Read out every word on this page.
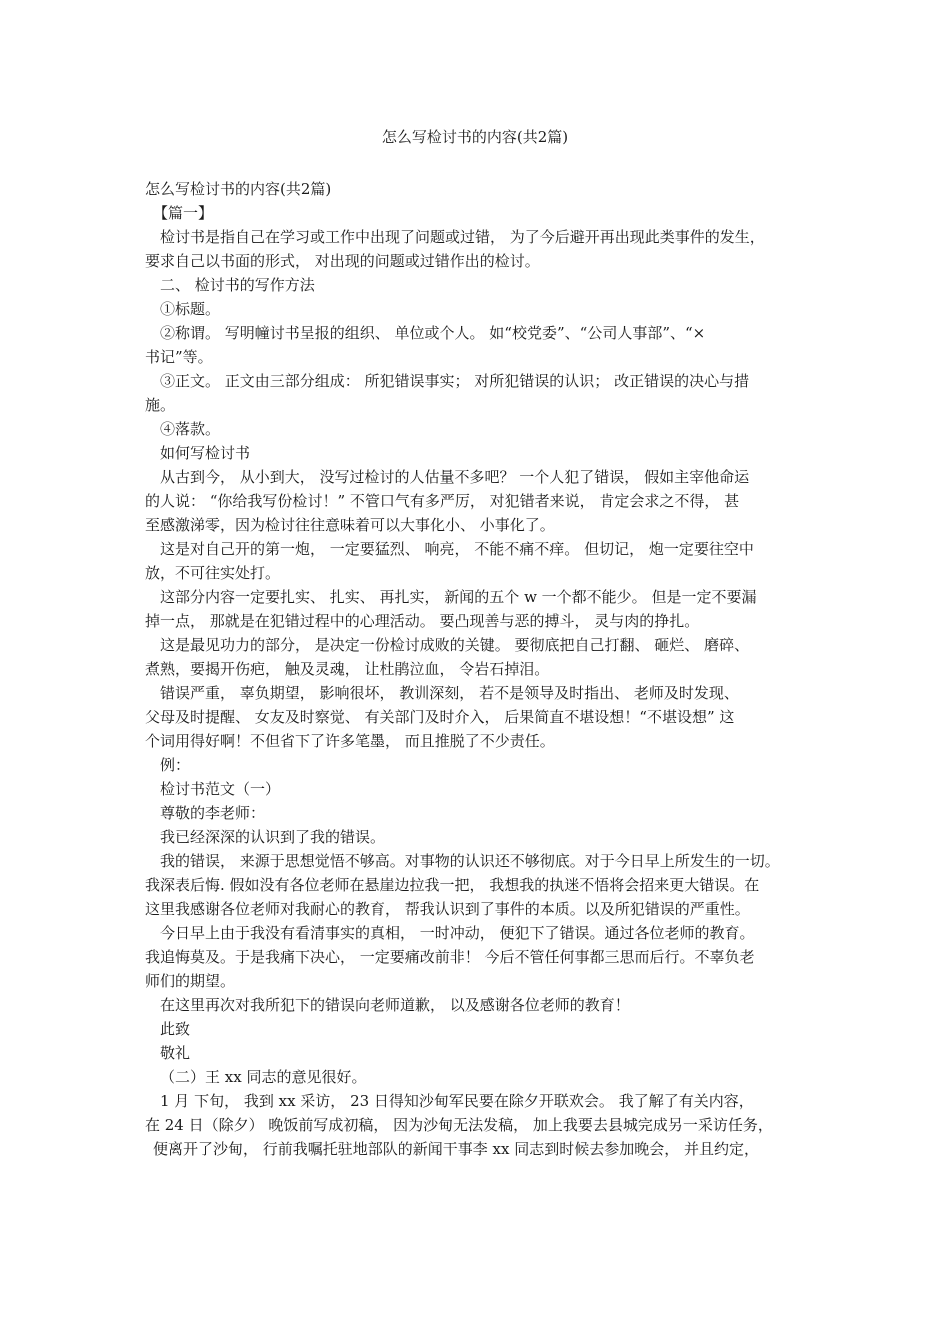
怎么写检讨书的内容(共2篇)
怎么写检讨书的内容(共2篇)
【篇一】
检讨书是指自己在学习或工作中出现了问题或过错， 为了今后避开再出现此类事件的发生，
要求自己以书面的形式， 对出现的问题或过错作出的检讨。
二、 检讨书的写作方法
①标题。
②称谓。 写明幢讨书呈报的组织、 单位或个人。 如“校党委”、“公司人事部”、“×
书记”等。
③正文。 正文由三部分组成： 所犯错误事实； 对所犯错误的认识； 改正错误的决心与措
施。
④落款。
如何写检讨书
从古到今， 从小到大， 没写过检讨的人估量不多吧？ 一个人犯了错误， 假如主宰他命运
的人说： “你给我写份检讨！” 不管口气有多严厉， 对犯错者来说， 肯定会求之不得， 甚
至感激涕零，因为检讨往往意味着可以大事化小、 小事化了。
这是对自己开的第一炮， 一定要猛烈、 响亮， 不能不痛不痒。 但切记， 炮一定要往空中
放，不可往实处打。
这部分内容一定要扎实、 扎实、 再扎实， 新闻的五个 w 一个都不能少。 但是一定不要漏
掉一点， 那就是在犯错过程中的心理活动。 要凸现善与恶的搏斗， 灵与肉的挣扎。
这是最见功力的部分， 是决定一份检讨成败的关键。 要彻底把自己打翻、 砸烂、 磨碎、
煮熟，要揭开伤疤， 触及灵魂， 让杜鹃泣血， 令岩石掉泪。
错误严重， 辜负期望， 影响很坏， 教训深刻， 若不是领导及时指出、 老师及时发现、
父母及时提醒、 女友及时察觉、 有关部门及时介入， 后果简直不堪设想！“不堪设想” 这
个词用得好啊！不但省下了许多笔墨， 而且推脱了不少责任。
例：
检讨书范文（一）
尊敬的李老师：
我已经深深的认识到了我的错误。
我的错误， 来源于思想觉悟不够高。对事物的认识还不够彻底。对于今日早上所发生的一切。
我深表后悔. 假如没有各位老师在悬崖边拉我一把， 我想我的执迷不悟将会招来更大错误。在
这里我感谢各位老师对我耐心的教育， 帮我认识到了事件的本质。以及所犯错误的严重性。
今日早上由于我没有看清事实的真相， 一时冲动， 便犯下了错误。通过各位老师的教育。
我追悔莫及。于是我痛下决心， 一定要痛改前非！ 今后不管任何事都三思而后行。不辜负老
师们的期望。
在这里再次对我所犯下的错误向老师道歉， 以及感谢各位老师的教育！
此致
敬礼
（二）王 xx 同志的意见很好。
1 月 下旬， 我到 xx 采访， 23 日得知沙甸军民要在除夕开联欢会。 我了解了有关内容，
在 24 日（除夕） 晚饭前写成初稿， 因为沙甸无法发稿， 加上我要去县城完成另一采访任务，
便离开了沙甸， 行前我嘱托驻地部队的新闻干事李 xx 同志到时候去参加晚会， 并且约定，
